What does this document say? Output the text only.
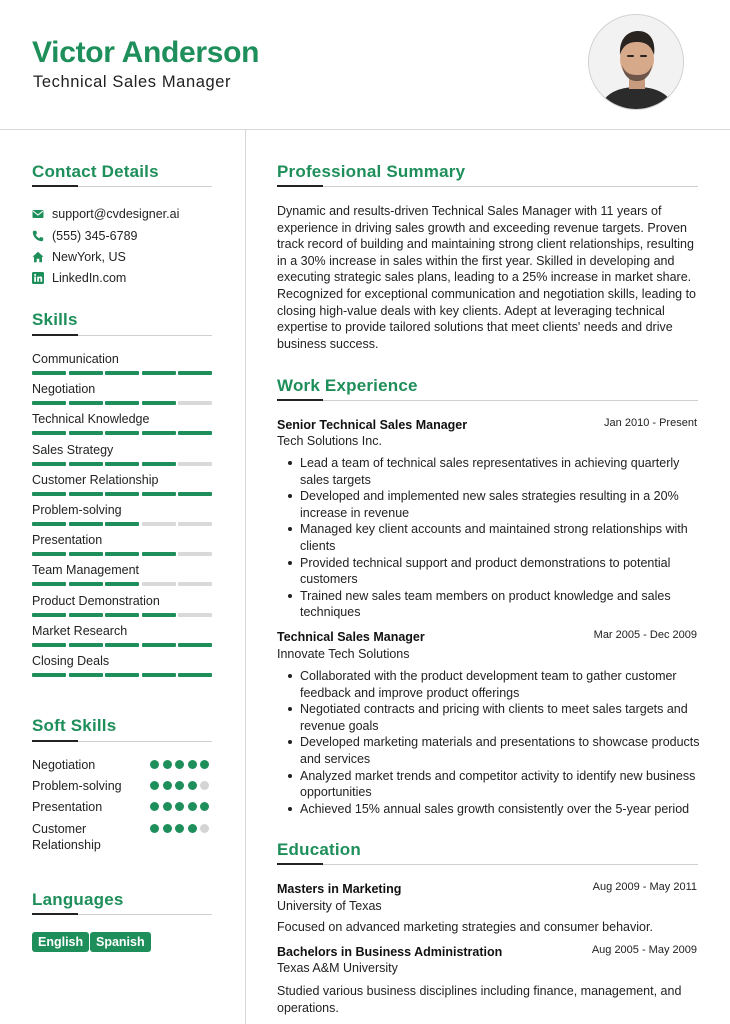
Victor Anderson
Technical Sales Manager
Contact Details
support@cvdesigner.ai
(555) 345-6789
NewYork, US
LinkedIn.com
Skills
Communication
Negotiation
Technical Knowledge
Sales Strategy
Customer Relationship
Problem-solving
Presentation
Team Management
Product Demonstration
Market Research
Closing Deals
Soft Skills
Negotiation
Problem-solving
Presentation
Customer Relationship
Languages
English	Spanish
Professional Summary
Dynamic and results-driven Technical Sales Manager with 11 years of experience in driving sales growth and exceeding revenue targets. Proven track record of building and maintaining strong client relationships, resulting in a 30% increase in sales within the first year. Skilled in developing and executing strategic sales plans, leading to a 25% increase in market share. Recognized for exceptional communication and negotiation skills, leading to closing high-value deals with key clients. Adept at leveraging technical expertise to provide tailored solutions that meet clients' needs and drive business success.
Work Experience
Senior Technical Sales Manager	Jan 2010 - Present
Tech Solutions Inc.
Lead a team of technical sales representatives in achieving quarterly sales targets
Developed and implemented new sales strategies resulting in a 20% increase in revenue
Managed key client accounts and maintained strong relationships with clients
Provided technical support and product demonstrations to potential customers
Trained new sales team members on product knowledge and sales techniques
Technical Sales Manager	Mar 2005 - Dec 2009
Innovate Tech Solutions
Collaborated with the product development team to gather customer feedback and improve product offerings
Negotiated contracts and pricing with clients to meet sales targets and revenue goals
Developed marketing materials and presentations to showcase products and services
Analyzed market trends and competitor activity to identify new business opportunities
Achieved 15% annual sales growth consistently over the 5-year period
Education
Masters in Marketing	Aug 2009 - May 2011
University of Texas
Focused on advanced marketing strategies and consumer behavior.
Bachelors in Business Administration	Aug 2005 - May 2009
Texas A&M University
Studied various business disciplines including finance, management, and operations.
